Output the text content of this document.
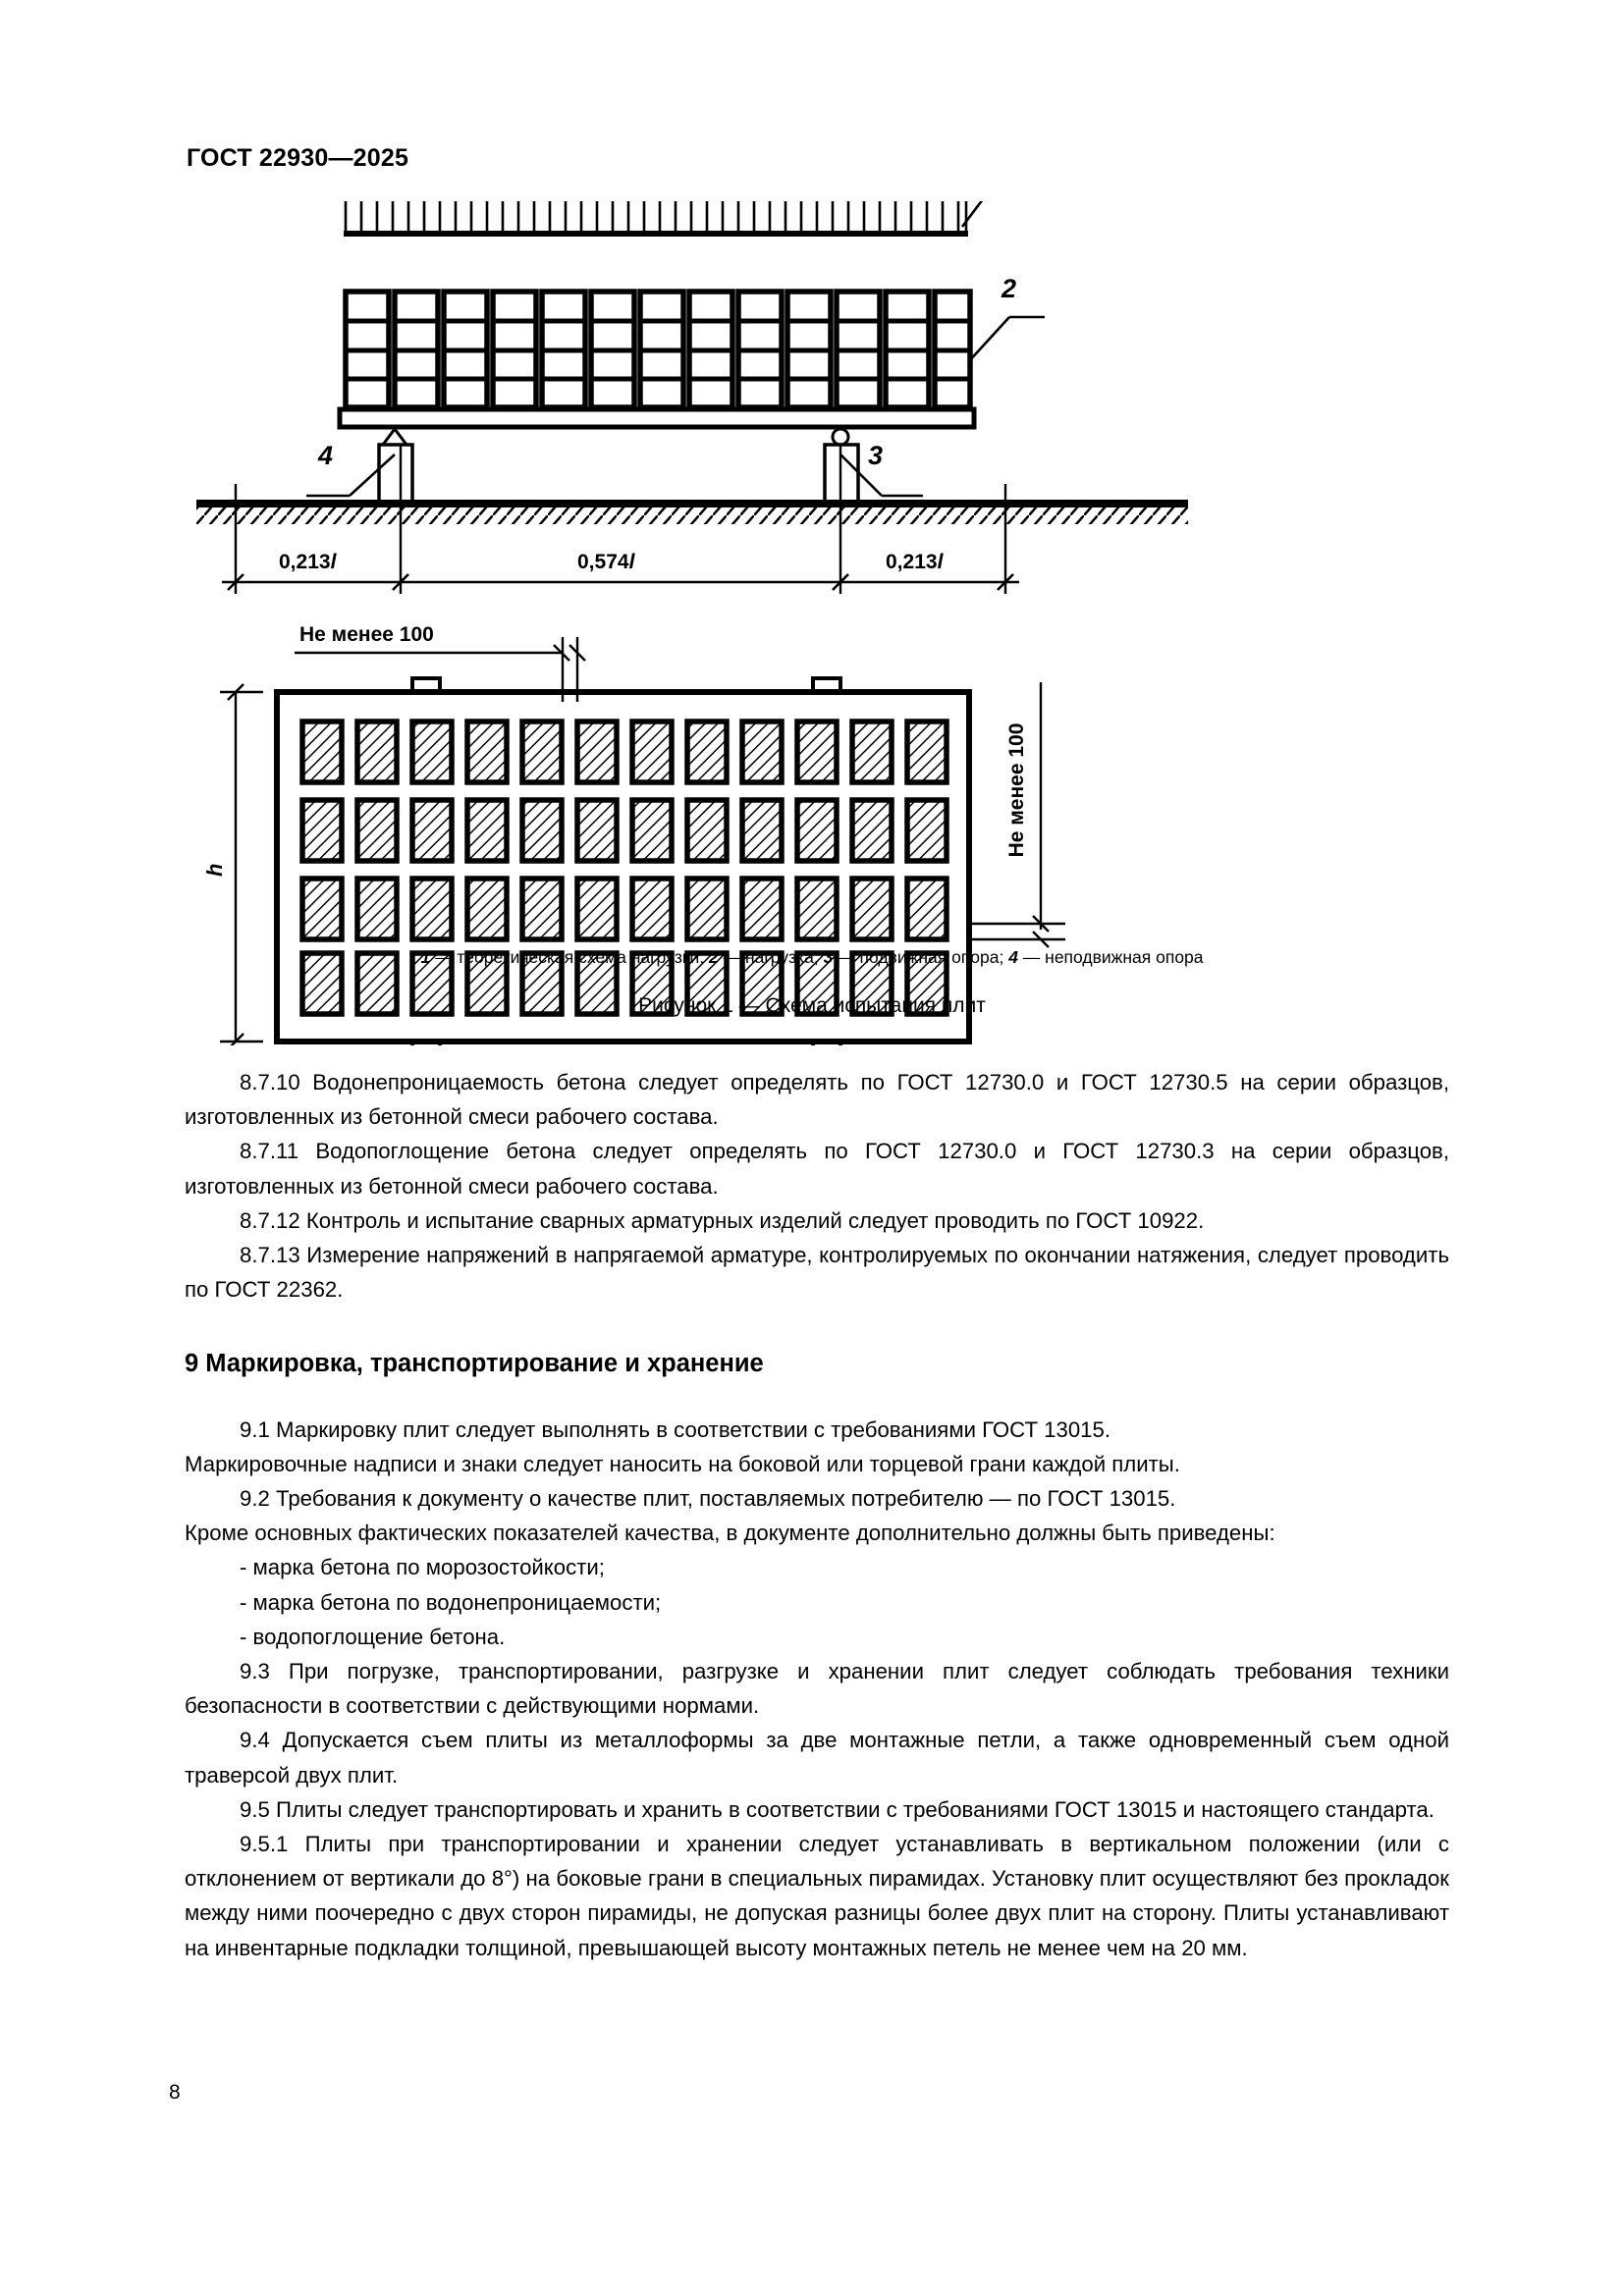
ГОСТ 22930—2025
2
4	3
0,213l	0,574l	0,213l
Не менее 100
h
Не менее 100
1 — теоретическая схема нагрузки; 2 — нагрузка; 3 — подвижная опора; 4 — неподвижная опора
Рисунок 1 — Схема испытания плит

8.7.10 Водонепроницаемость бетона следует определять по ГОСТ 12730.0 и ГОСТ 12730.5 на серии образцов, изготовленных из бетонной смеси рабочего состава.

8.7.11 Водопоглощение бетона следует определять по ГОСТ 12730.0 и ГОСТ 12730.3 на серии образцов, изготовленных из бетонной смеси рабочего состава.

8.7.12 Контроль и испытание сварных арматурных изделий следует проводить по ГОСТ 10922.

8.7.13 Измерение напряжений в напрягаемой арматуре, контролируемых по окончании натяжения, следует проводить по ГОСТ 22362.

9 Маркировка, транспортирование и хранение

9.1 Маркировку плит следует выполнять в соответствии с требованиями ГОСТ 13015.

Маркировочные надписи и знаки следует наносить на боковой или торцевой грани каждой плиты.

9.2 Требования к документу о качестве плит, поставляемых потребителю — по ГОСТ 13015.

Кроме основных фактических показателей качества, в документе дополнительно должны быть приведены:

- марка бетона по морозостойкости;

- марка бетона по водонепроницаемости;

- водопоглощение бетона.

9.3 При погрузке, транспортировании, разгрузке и хранении плит следует соблюдать требования техники безопасности в соответствии с действующими нормами.

9.4 Допускается съем плиты из металлоформы за две монтажные петли, а также одновременный съем одной траверсой двух плит.

9.5 Плиты следует транспортировать и хранить в соответствии с требованиями ГОСТ 13015 и настоящего стандарта.

9.5.1 Плиты при транспортировании и хранении следует устанавливать в вертикальном положении (или с отклонением от вертикали до 8°) на боковые грани в специальных пирамидах. Установку плит осуществляют без прокладок между ними поочередно с двух сторон пирамиды, не допуская разницы более двух плит на сторону. Плиты устанавливают на инвентарные подкладки толщиной, превышающей высоту монтажных петель не менее чем на 20 мм.

8
